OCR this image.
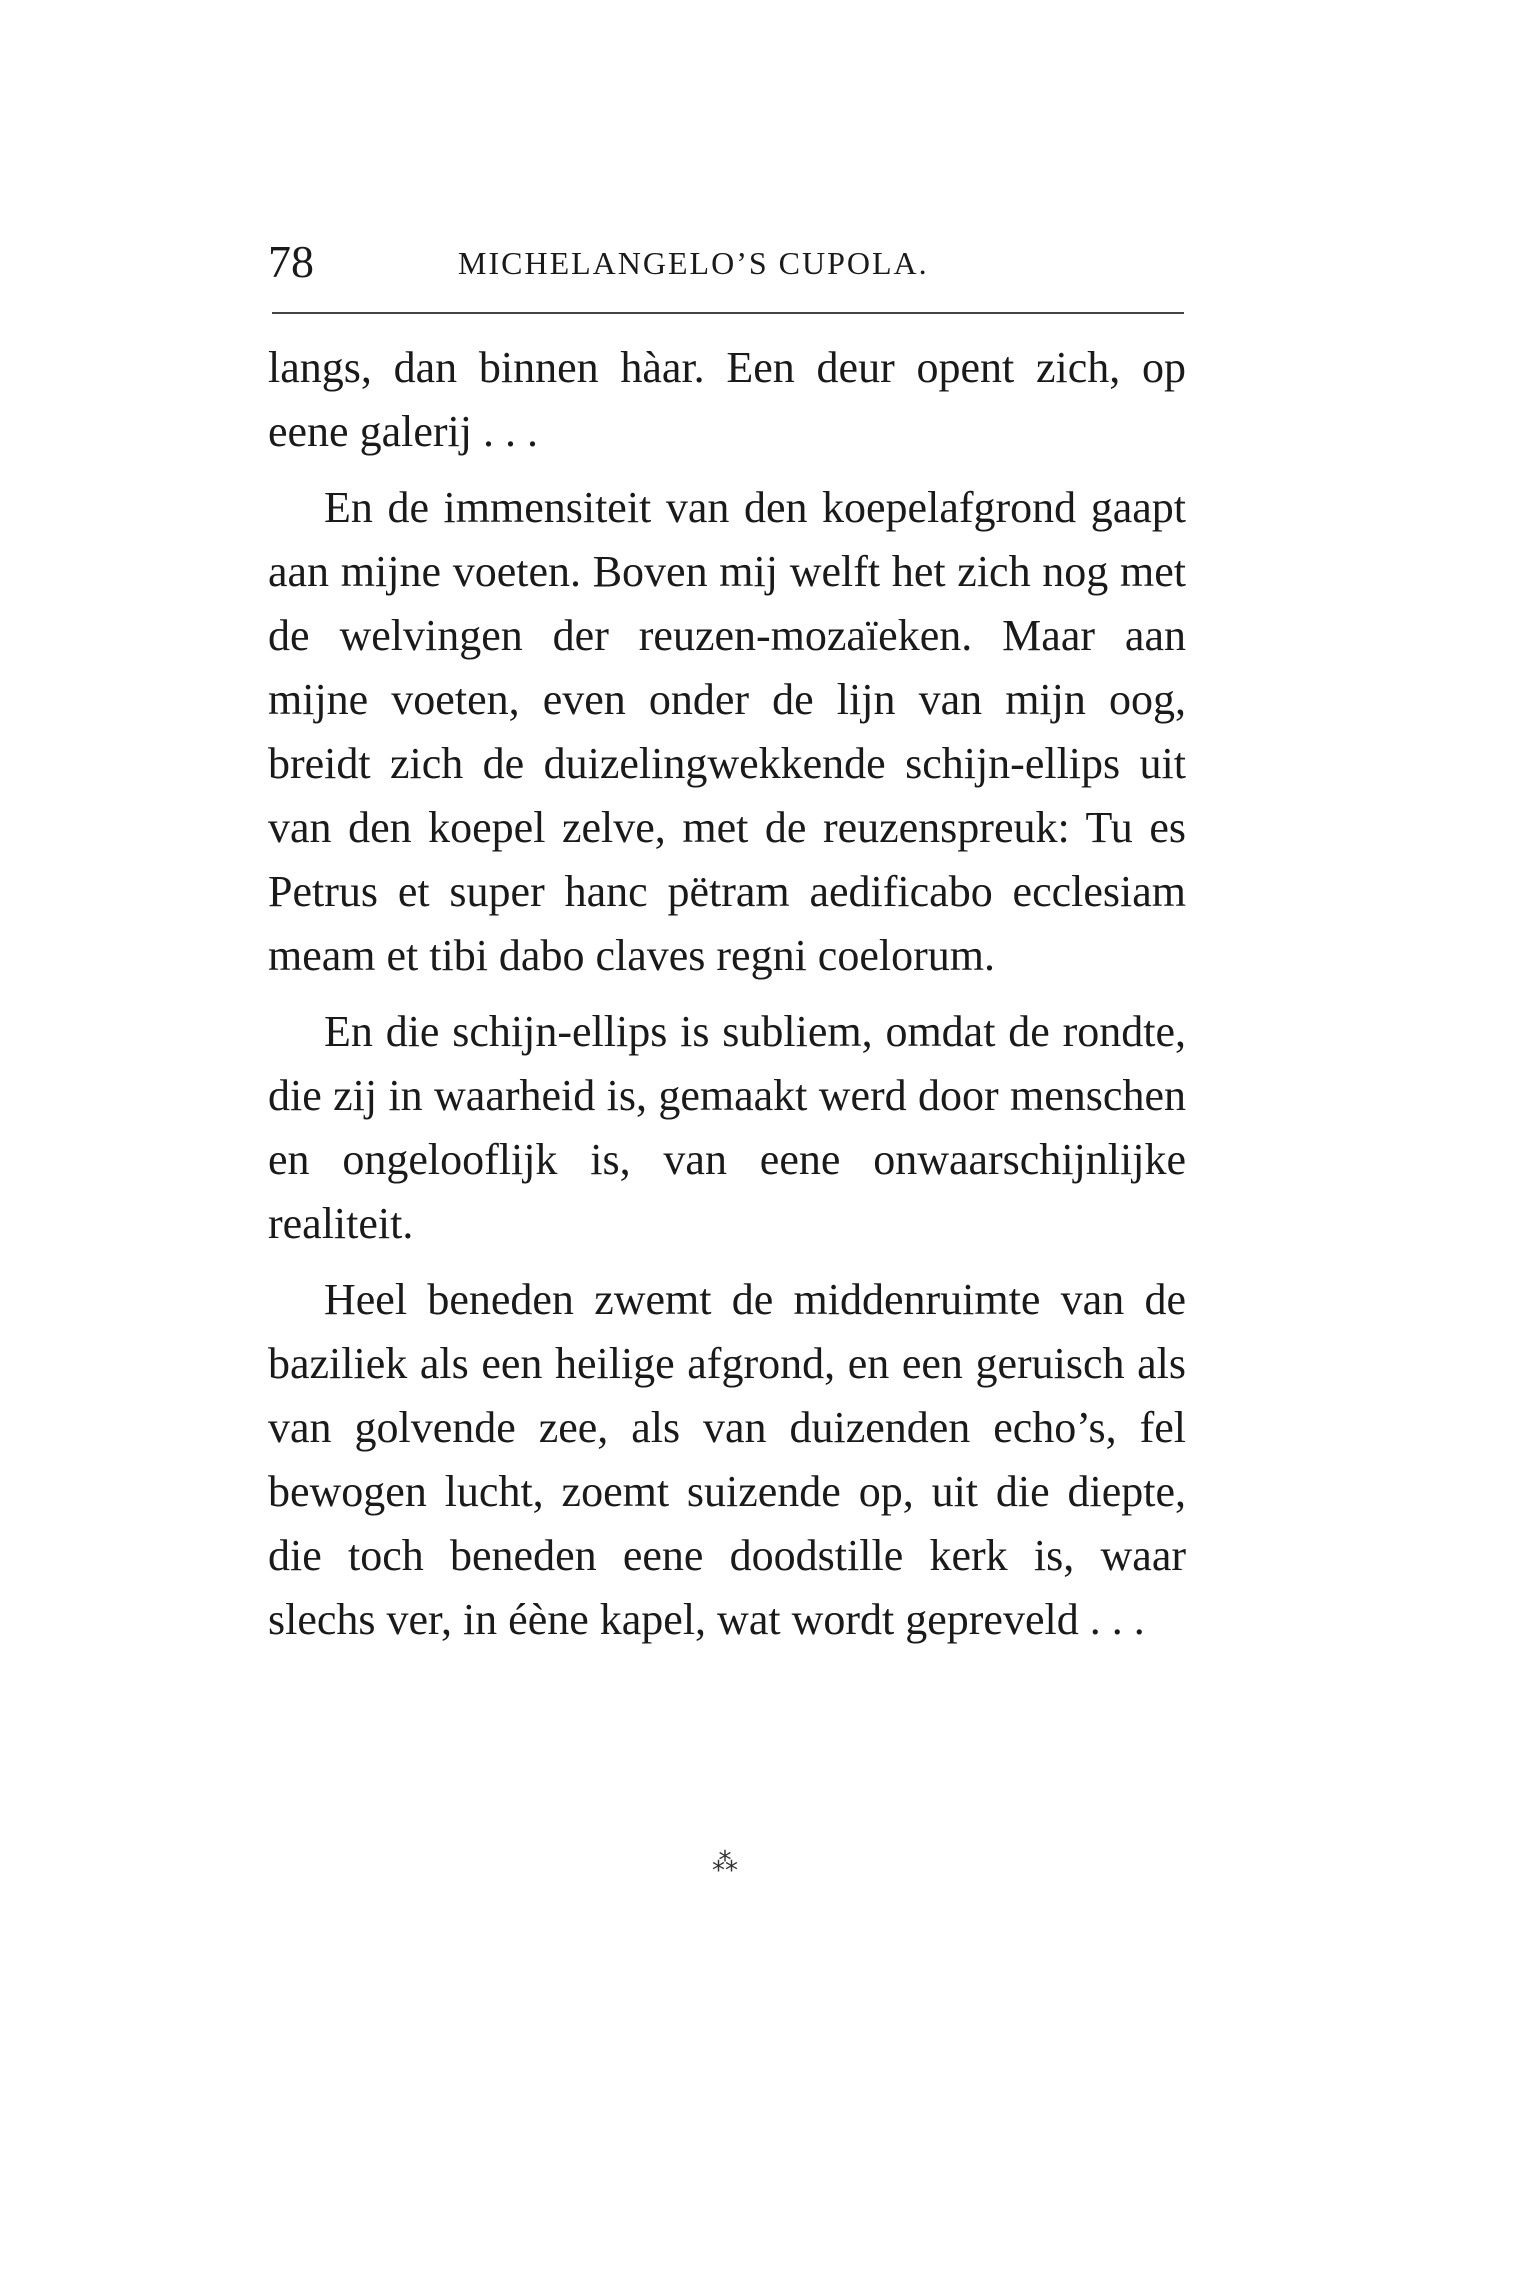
78	MICHELANGELO’S CUPOLA.

langs, dan binnen hàar. Een deur opent zich, op eene galerij . . .

En de immensiteit van den koepelafgrond gaapt aan mijne voeten. Boven mij welft het zich nog met de welvingen der reuzen-mozaïeken. Maar aan mijne voeten, even onder de lijn van mijn oog, breidt zich de duizelingwekkende schijn-ellips uit van den koepel zelve, met de reuzenspreuk: Tu es Petrus et super hanc pëtram aedificabo ecclesiam meam et tibi dabo claves regni coelorum.

En die schijn-ellips is subliem, omdat de rondte, die zij in waarheid is, gemaakt werd door menschen en ongelooflijk is, van eene onwaarschijnlijke realiteit.

Heel beneden zwemt de middenruimte van de baziliek als een heilige afgrond, en een geruisch als van golvende zee, als van duizenden echo’s, fel bewogen lucht, zoemt suizende op, uit die diepte, die toch beneden eene doodstille kerk is, waar slechs ver, in éène kapel, wat wordt gepreveld . . .

⁂
